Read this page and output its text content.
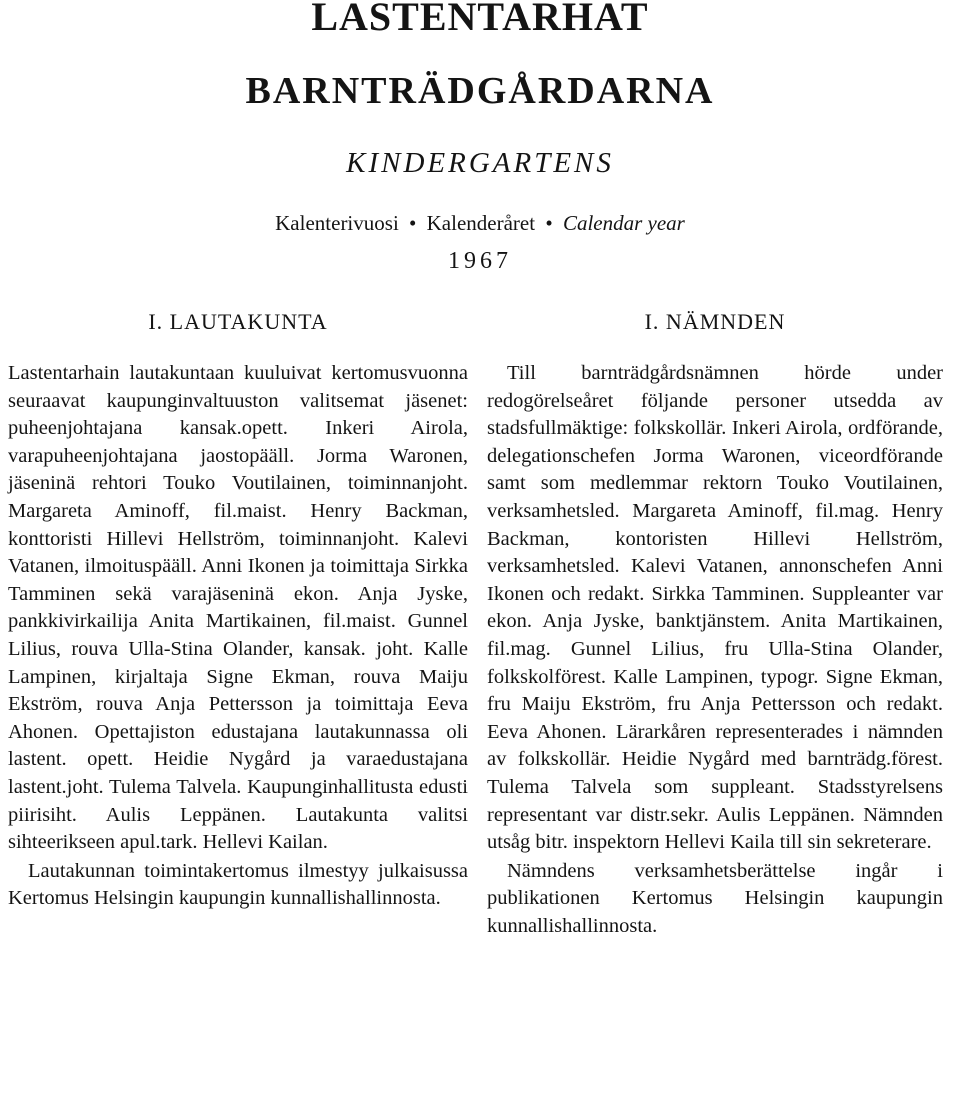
LASTENTARHAT
BARNTRÄDGÅRDARNA
KINDERGARTENS
Kalenterivuosi • Kalenderåret • Calendar year
1967
I. LAUTAKUNTA

Lastentarhain lautakuntaan kuuluivat kertomusvuonna seuraavat kaupunginvaltuuston valitsemat jäsenet: puheenjohtajana kansak.opett. Inkeri Airola, varapuheenjohtajana jaostopääll. Jorma Waronen, jäseninä rehtori Touko Voutilainen, toiminnanjoht. Margareta Aminoff, fil.maist. Henry Backman, konttoristi Hillevi Hellström, toiminnanjoht. Kalevi Vatanen, ilmoituspääll. Anni Ikonen ja toimittaja Sirkka Tamminen sekä varajäseninä ekon. Anja Jyske, pankkivirkailija Anita Martikainen, fil.maist. Gunnel Lilius, rouva Ulla-Stina Olander, kansak. joht. Kalle Lampinen, kirjaltaja Signe Ekman, rouva Maiju Ekström, rouva Anja Pettersson ja toimittaja Eeva Ahonen. Opettajiston edustajana lautakunnassa oli lastent. opett. Heidie Nygård ja varaedustajana lastent.joht. Tulema Talvela. Kaupunginhallitusta edusti piirisiht. Aulis Leppänen. Lautakunta valitsi sihteerikseen apul.tark. Hellevi Kailan.

Lautakunnan toimintakertomus ilmestyy julkaisussa Kertomus Helsingin kaupungin kunnallishallinnosta.

I. NÄMNDEN

Till barnträdgårdsnämnen hörde under redogörelseåret följande personer utsedda av stadsfullmäktige: folkskollär. Inkeri Airola, ordförande, delegationschefen Jorma Waronen, viceordförande samt som medlemmar rektorn Touko Voutilainen, verksamhetsled. Margareta Aminoff, fil.mag. Henry Backman, kontoristen Hillevi Hellström, verksamhetsled. Kalevi Vatanen, annonschefen Anni Ikonen och redakt. Sirkka Tamminen. Suppleanter var ekon. Anja Jyske, banktjänstem. Anita Martikainen, fil.mag. Gunnel Lilius, fru Ulla-Stina Olander, folkskolförest. Kalle Lampinen, typogr. Signe Ekman, fru Maiju Ekström, fru Anja Pettersson och redakt. Eeva Ahonen. Lärarkåren representerades i nämnden av folkskollär. Heidie Nygård med barnträdg.förest. Tulema Talvela som suppleant. Stadsstyrelsens representant var distr.sekr. Aulis Leppänen. Nämnden utsåg bitr. inspektorn Hellevi Kaila till sin sekreterare.

Nämndens verksamhetsberättelse ingår i publikationen Kertomus Helsingin kaupungin kunnallishallinnosta.
